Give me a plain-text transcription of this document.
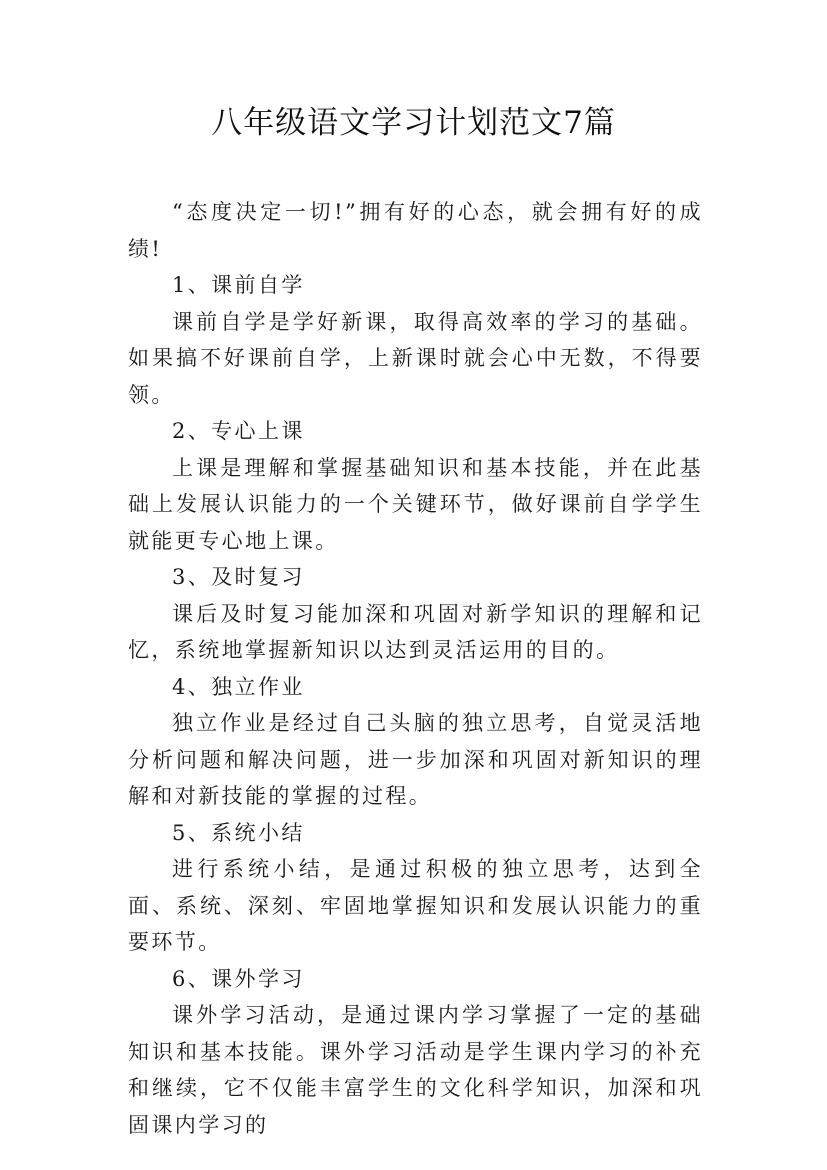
八年级语文学习计划范文7篇

“态度决定一切!”拥有好的心态，就会拥有好的成绩!

1、课前自学

课前自学是学好新课，取得高效率的学习的基础。如果搞不好课前自学，上新课时就会心中无数，不得要领。

2、专心上课

上课是理解和掌握基础知识和基本技能，并在此基础上发展认识能力的一个关键环节，做好课前自学学生就能更专心地上课。

3、及时复习

课后及时复习能加深和巩固对新学知识的理解和记忆，系统地掌握新知识以达到灵活运用的目的。

4、独立作业

独立作业是经过自己头脑的独立思考，自觉灵活地分析问题和解决问题，进一步加深和巩固对新知识的理解和对新技能的掌握的过程。

5、系统小结

进行系统小结，是通过积极的独立思考，达到全面、系统、深刻、牢固地掌握知识和发展认识能力的重要环节。

6、课外学习

课外学习活动，是通过课内学习掌握了一定的基础知识和基本技能。课外学习活动是学生课内学习的补充和继续，它不仅能丰富学生的文化科学知识，加深和巩固课内学习的
